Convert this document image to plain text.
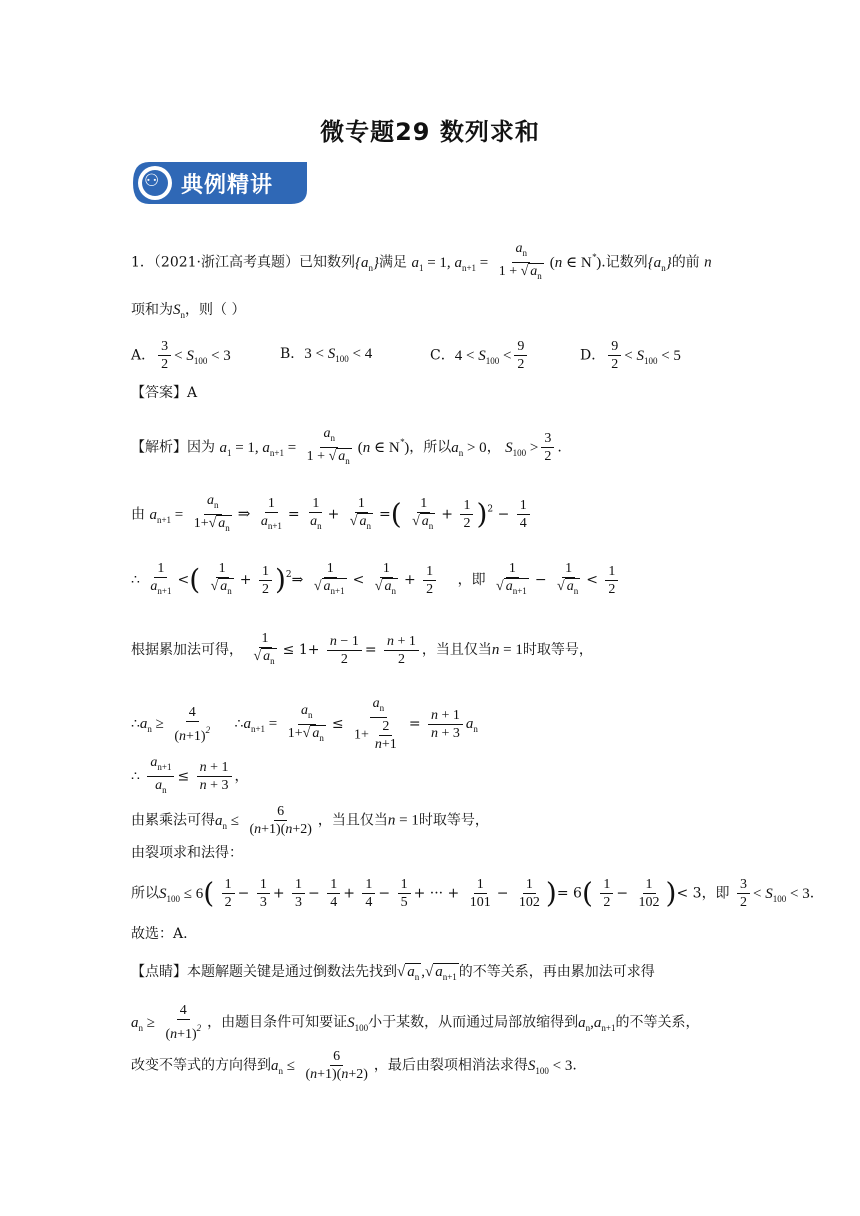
微专题29 数列求和
⚇ 典例精讲
1．（2021·浙江高考真题）已知数列$\{a_n\}$满足 $a_1 = 1$, $a_{n+1} = \frac{a_n}{1 + √ a_n} (n$ ∈ N*).记数列$\{a_n\}$的前 n
项和为$S_n$，则（ ）
A． $\frac{3}{2} < S_{100} < 3$	B．$3 < S_{100} < 4$	C．$4 < S_{100} < \frac{9}{2}$	D． $\frac{9}{2} < S_{100} < 5$
【答案】A
【解析】因为 $a_1 = 1$, $a_{n+1} = \frac{a_n}{1 + √ a_n} (n$ ∈ N*)，所以$a_n > 0$， $S_{100} > \frac{3}{2}$ .
由 $a_{n+1} = \frac{a_n}{1+√ a_n}$ ⇒ $\frac{1}{a_{n+1}} = \frac{1}{a_n} + \frac{1}{√ a_n}$ =( $\frac{1}{√ a_n} + \frac{1}{2} )^2 - \frac{1}{4}$
∴ $\frac{1}{a_{n+1}}$ <( $\frac{1}{√ a_n} + \frac{1}{2}$ )$^2$⇒ $\frac{1}{√ a_{n+1}} < \frac{1}{√ a_n} + \frac{1}{2}$ ，即 $\frac{1}{√ a_{n+1}} - \frac{1}{√ a_n} < \frac{1}{2}$
根据累加法可得， $\frac{1}{√ a_n} \le 1+ \frac{n - 1}{2} = \frac{n + 1}{2}$ ，当且仅当n = 1时取等号，
$\therefore a_n \ge \frac{4}{(n+1)^2}$ $\therefore a_{n+1} = \frac{a_n}{1+√ a_n} \le \frac{a_n}{1+ \frac{2}{n+1}} = \frac{n + 1}{n + 3} a_n$
∴ $\frac{a_{n+1}}{a_n} \le \frac{n + 1}{n + 3}$ ，
由累乘法可得$a_n \le \frac{6}{(n+1)(n+2)}$ ，当且仅当n = 1时取等号，
由裂项求和法得：
所以$S_{100} \le 6( \frac{1}{2} - \frac{1}{3} + \frac{1}{3} - \frac{1}{4} + \frac{1}{4} - \frac{1}{5}$ + ··· + $\frac{1}{101} - \frac{1}{102}$ )= $6( \frac{1}{2} - \frac{1}{102}$ )< 3，即 $\frac{3}{2} < S_{100} < 3$.
故选：A.
【点睛】本题解题关键是通过倒数法先找到√ $a_n$ ,√ $a_{n+1}$ 的不等关系，再由累加法可求得
$a_n \ge \frac{4}{(n+1)^2}$ ，由题目条件可知要证$S_{100}$小于某数，从而通过局部放缩得到$a_n,a_{n+1}$的不等关系，
改变不等式的方向得到$a_n \le \frac{6}{(n+1)(n+2)}$ ，最后由裂项相消法求得$S_{100} < 3$.
